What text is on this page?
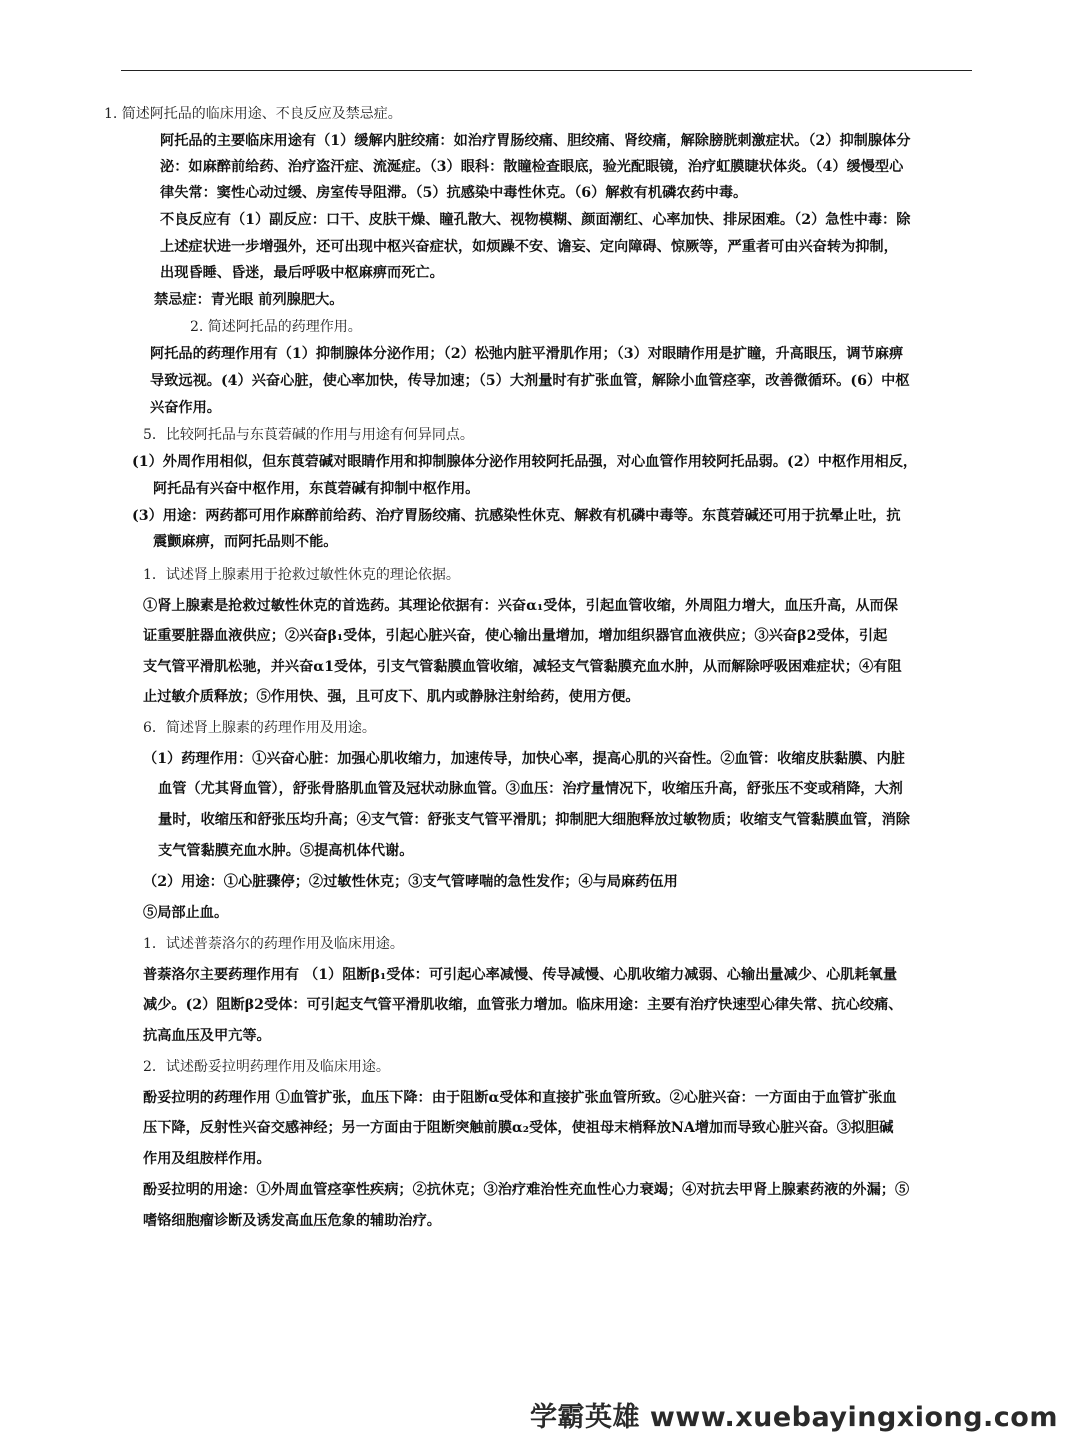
1. 简述阿托品的临床用途、不良反应及禁忌症。
阿托品的主要临床用途有（1）缓解内脏绞痛：如治疗胃肠绞痛、胆绞痛、肾绞痛，解除膀胱刺激症状。（2）抑制腺体分
泌：如麻醉前给药、治疗盗汗症、流涎症。（3）眼科：散瞳检查眼底，验光配眼镜，治疗虹膜睫状体炎。（4）缓慢型心
律失常：窦性心动过缓、房室传导阻滞。（5）抗感染中毒性休克。（6）解救有机磷农药中毒。
不良反应有（1）副反应：口干、皮肤干燥、瞳孔散大、视物模糊、颜面潮红、心率加快、排尿困难。（2）急性中毒：除
上述症状进一步增强外，还可出现中枢兴奋症状，如烦躁不安、谵妄、定向障碍、惊厥等，严重者可由兴奋转为抑制，
出现昏睡、昏迷，最后呼吸中枢麻痹而死亡。
禁忌症：青光眼 前列腺肥大。
2. 简述阿托品的药理作用。
阿托品的药理作用有（1）抑制腺体分泌作用；（2）松弛内脏平滑肌作用；（3）对眼睛作用是扩瞳，升高眼压，调节麻痹
导致远视。(4）兴奋心脏，使心率加快，传导加速；（5）大剂量时有扩张血管，解除小血管痉挛，改善微循环。(6）中枢
兴奋作用。
5．比较阿托品与东莨菪碱的作用与用途有何异同点。
(1）外周作用相似，但东莨菪碱对眼睛作用和抑制腺体分泌作用较阿托品强，对心血管作用较阿托品弱。(2）中枢作用相反，
阿托品有兴奋中枢作用，东莨菪碱有抑制中枢作用。
(3）用途：两药都可用作麻醉前给药、治疗胃肠绞痛、抗感染性休克、解救有机磷中毒等。东莨菪碱还可用于抗晕止吐，抗
震颤麻痹，而阿托品则不能。
1．试述肾上腺素用于抢救过敏性休克的理论依据。
①肾上腺素是抢救过敏性休克的首选药。其理论依据有：兴奋α₁受体，引起血管收缩，外周阻力增大，血压升高，从而保
证重要脏器血液供应；②兴奋β₁受体，引起心脏兴奋，使心输出量增加，增加组织器官血液供应；③兴奋β2受体，引起
支气管平滑肌松驰，并兴奋α1受体，引支气管黏膜血管收缩，减轻支气管黏膜充血水肿，从而解除呼吸困难症状；④有阻
止过敏介质释放；⑤作用快、强，且可皮下、肌内或静脉注射给药，使用方便。
6．简述肾上腺素的药理作用及用途。
（1）药理作用：①兴奋心脏：加强心肌收缩力，加速传导，加快心率，提高心肌的兴奋性。②血管：收缩皮肤黏膜、内脏
血管（尤其肾血管），舒张骨胳肌血管及冠状动脉血管。③血压：治疗量情况下，收缩压升高，舒张压不变或稍降，大剂
量时，收缩压和舒张压均升高；④支气管：舒张支气管平滑肌；抑制肥大细胞释放过敏物质；收缩支气管黏膜血管，消除
支气管黏膜充血水肿。⑤提高机体代谢。
（2）用途：①心脏骤停；②过敏性休克；③支气管哮喘的急性发作；④与局麻药伍用
⑤局部止血。
1．试述普萘洛尔的药理作用及临床用途。
普萘洛尔主要药理作用有 （1）阻断β₁受体：可引起心率减慢、传导减慢、心肌收缩力减弱、心输出量减少、心肌耗氧量
减少。(2）阻断β2受体：可引起支气管平滑肌收缩，血管张力增加。临床用途：主要有治疗快速型心律失常、抗心绞痛、
抗高血压及甲亢等。
2．试述酚妥拉明药理作用及临床用途。
酚妥拉明的药理作用 ①血管扩张，血压下降：由于阻断α受体和直接扩张血管所致。②心脏兴奋：一方面由于血管扩张血
压下降，反射性兴奋交感神经；另一方面由于阻断突触前膜α₂受体，使祖母末梢释放NA增加而导致心脏兴奋。③拟胆碱
作用及组胺样作用。
酚妥拉明的用途：①外周血管痉挛性疾病；②抗休克；③治疗难治性充血性心力衰竭；④对抗去甲肾上腺素药液的外漏；⑤
嗜铬细胞瘤诊断及诱发高血压危象的辅助治疗。
学霸英雄 www.xuebayingxiong.com
